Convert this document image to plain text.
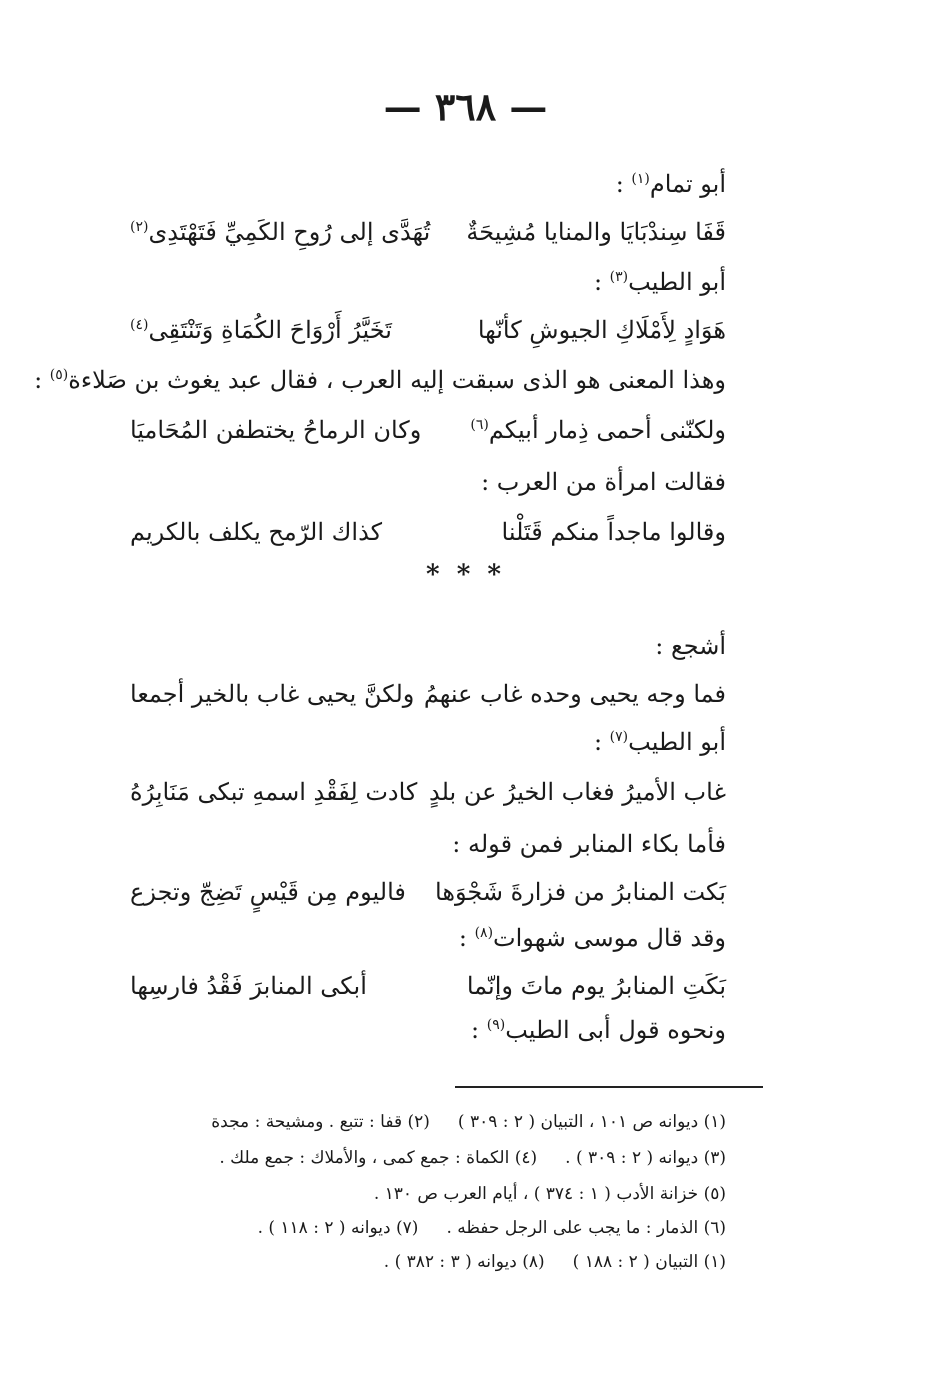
— ٣٦٨ —
أبو تمام$^{(١)}$ :
قَفَا سِندْبَايَا والمنايا مُشِيحَةٌ
تُهَدَّى إلى رُوحِ الكَمِيِّ فَتَهْتَدِى$^{(٢)}$
أبو الطيب$^{(٣)}$ :
هَوَادٍ لِأَمْلَاكِ الجيوشِ كأنّها
تَخَيَّرُ أَرْوَاحَ الكُمَاةِ وَتَنْتَقِى$^{(٤)}$
وهذا المعنى هو الذى سبقت إليه العرب ، فقال عبد يغوث بن صَلاءة$^{(٥)}$ :
ولكنّنى أحمى ذِمار أبيكم$^{(٦)}$
وكان الرماحُ يختطفن المُحَاميَا
فقالت امرأة من العرب :
وقالوا ماجداً منكم قَتَلْنا
كذاك الرّمح يكلف بالكريم
* * *
أشجع :
فما وجه يحيى وحده غاب عنهمُ
ولكنَّ يحيى غاب بالخير أجمعا
أبو الطيب$^{(٧)}$ :
غاب الأميرُ فغاب الخيرُ عن بلدٍ
كادت لِفَقْدِ اسمهِ تبكى مَنَابِرُهُ
فأما بكاء المنابر فمن قوله :
بَكت المنابرُ من فزارةَ شَجْوَها
فاليوم مِن قَيْسٍ تَضِجّ وتجزع
وقد قال موسى شهوات$^{(٨)}$ :
بَكَتِ المنابرُ يوم ماتَ وإنّما
أبكى المنابرَ فَقْدُ فارسِها
ونحوه قول أبى الطيب$^{(٩)}$ :
(١) ديوانه ص ١٠١ ، التبيان ( ٢ : ٣٠٩ )(٢) قفا : تتبع . ومشيحة : مجدة
(٣) ديوانه ( ٢ : ٣٠٩ ) .(٤) الكماة : جمع كمى ، والأملاك : جمع ملك .
(٥) خزانة الأدب ( ١ : ٣٧٤ ) ، أيام العرب ص ١٣٠ .
(٦) الذمار : ما يجب على الرجل حفظه .(٧) ديوانه ( ٢ : ١١٨ ) .
(١) التبيان ( ٢ : ١٨٨ )(٨) ديوانه ( ٣ : ٣٨٢ ) .
